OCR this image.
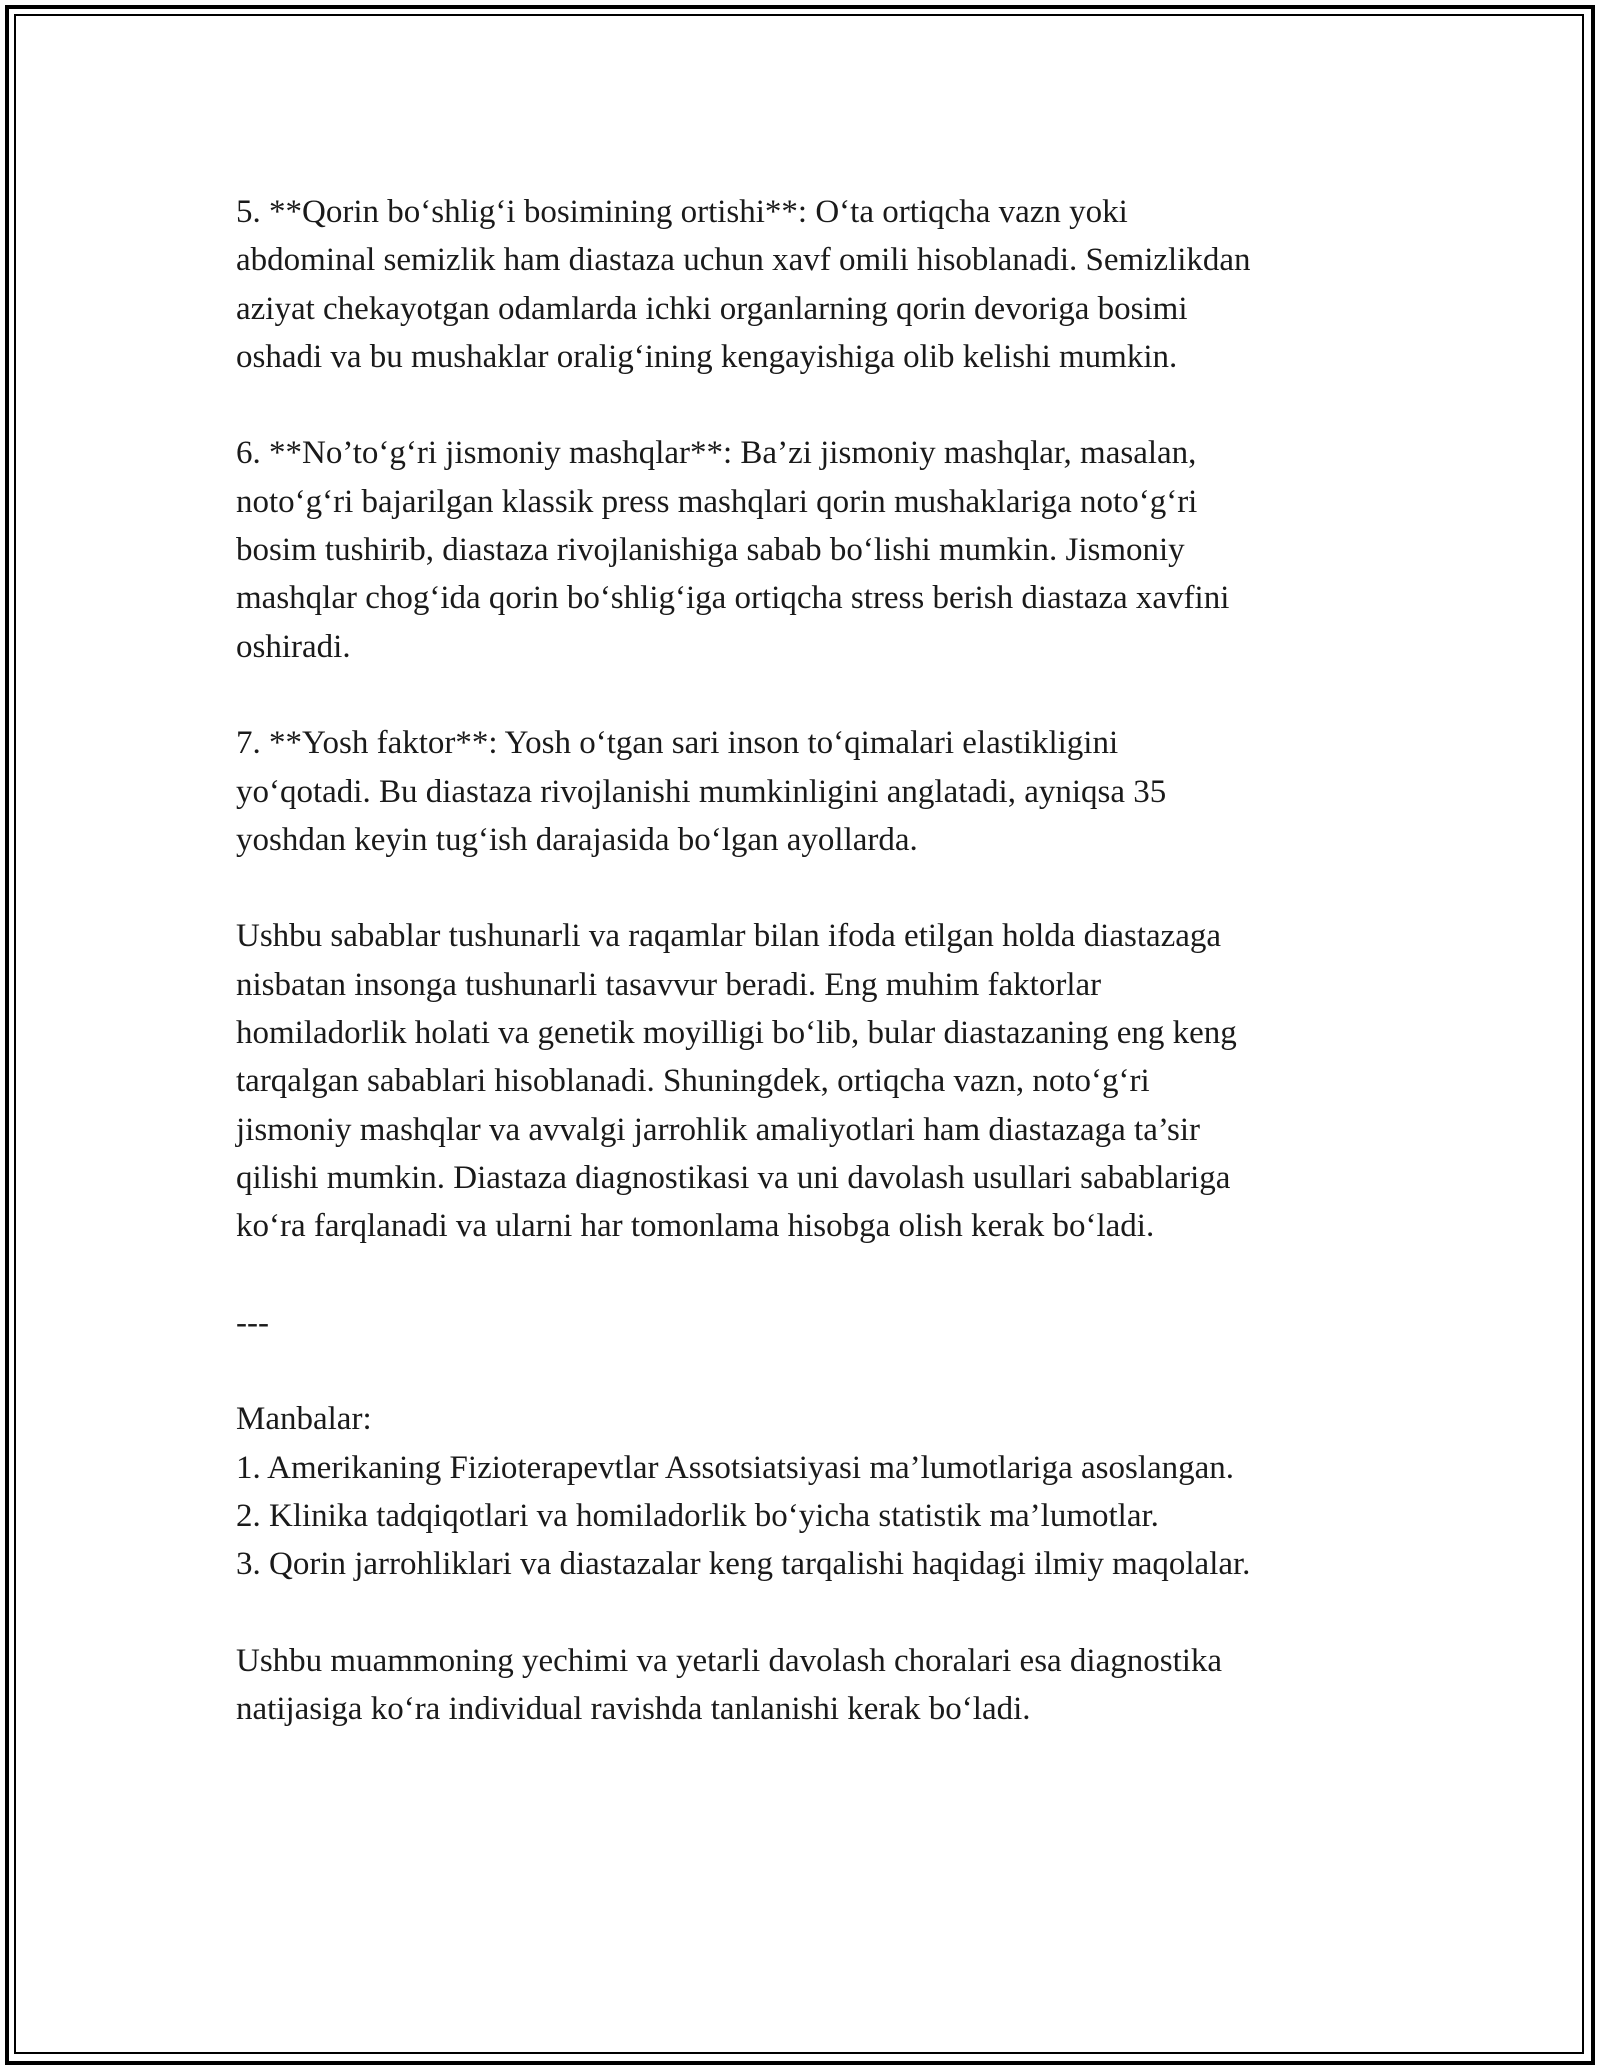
5. **Qorin bo‘shlig‘i bosimining ortishi**: O‘ta ortiqcha vazn yoki
abdominal semizlik ham diastaza uchun xavf omili hisoblanadi. Semizlikdan
aziyat chekayotgan odamlarda ichki organlarning qorin devoriga bosimi
oshadi va bu mushaklar oralig‘ining kengayishiga olib kelishi mumkin.

6. **No’to‘g‘ri jismoniy mashqlar**: Ba’zi jismoniy mashqlar, masalan,
noto‘g‘ri bajarilgan klassik press mashqlari qorin mushaklariga noto‘g‘ri
bosim tushirib, diastaza rivojlanishiga sabab bo‘lishi mumkin. Jismoniy
mashqlar chog‘ida qorin bo‘shlig‘iga ortiqcha stress berish diastaza xavfini
oshiradi.

7. **Yosh faktor**: Yosh o‘tgan sari inson to‘qimalari elastikligini
yo‘qotadi. Bu diastaza rivojlanishi mumkinligini anglatadi, ayniqsa 35
yoshdan keyin tug‘ish darajasida bo‘lgan ayollarda.

Ushbu sabablar tushunarli va raqamlar bilan ifoda etilgan holda diastazaga
nisbatan insonga tushunarli tasavvur beradi. Eng muhim faktorlar
homiladorlik holati va genetik moyilligi bo‘lib, bular diastazaning eng keng
tarqalgan sabablari hisoblanadi. Shuningdek, ortiqcha vazn, noto‘g‘ri
jismoniy mashqlar va avvalgi jarrohlik amaliyotlari ham diastazaga ta’sir
qilishi mumkin. Diastaza diagnostikasi va uni davolash usullari sabablariga
ko‘ra farqlanadi va ularni har tomonlama hisobga olish kerak bo‘ladi.

---

Manbalar:

1. Amerikaning Fizioterapevtlar Assotsiatsiyasi ma’lumotlariga asoslangan.

2. Klinika tadqiqotlari va homiladorlik bo‘yicha statistik ma’lumotlar.

3. Qorin jarrohliklari va diastazalar keng tarqalishi haqidagi ilmiy maqolalar.

Ushbu muammoning yechimi va yetarli davolash choralari esa diagnostika
natijasiga ko‘ra individual ravishda tanlanishi kerak bo‘ladi.
